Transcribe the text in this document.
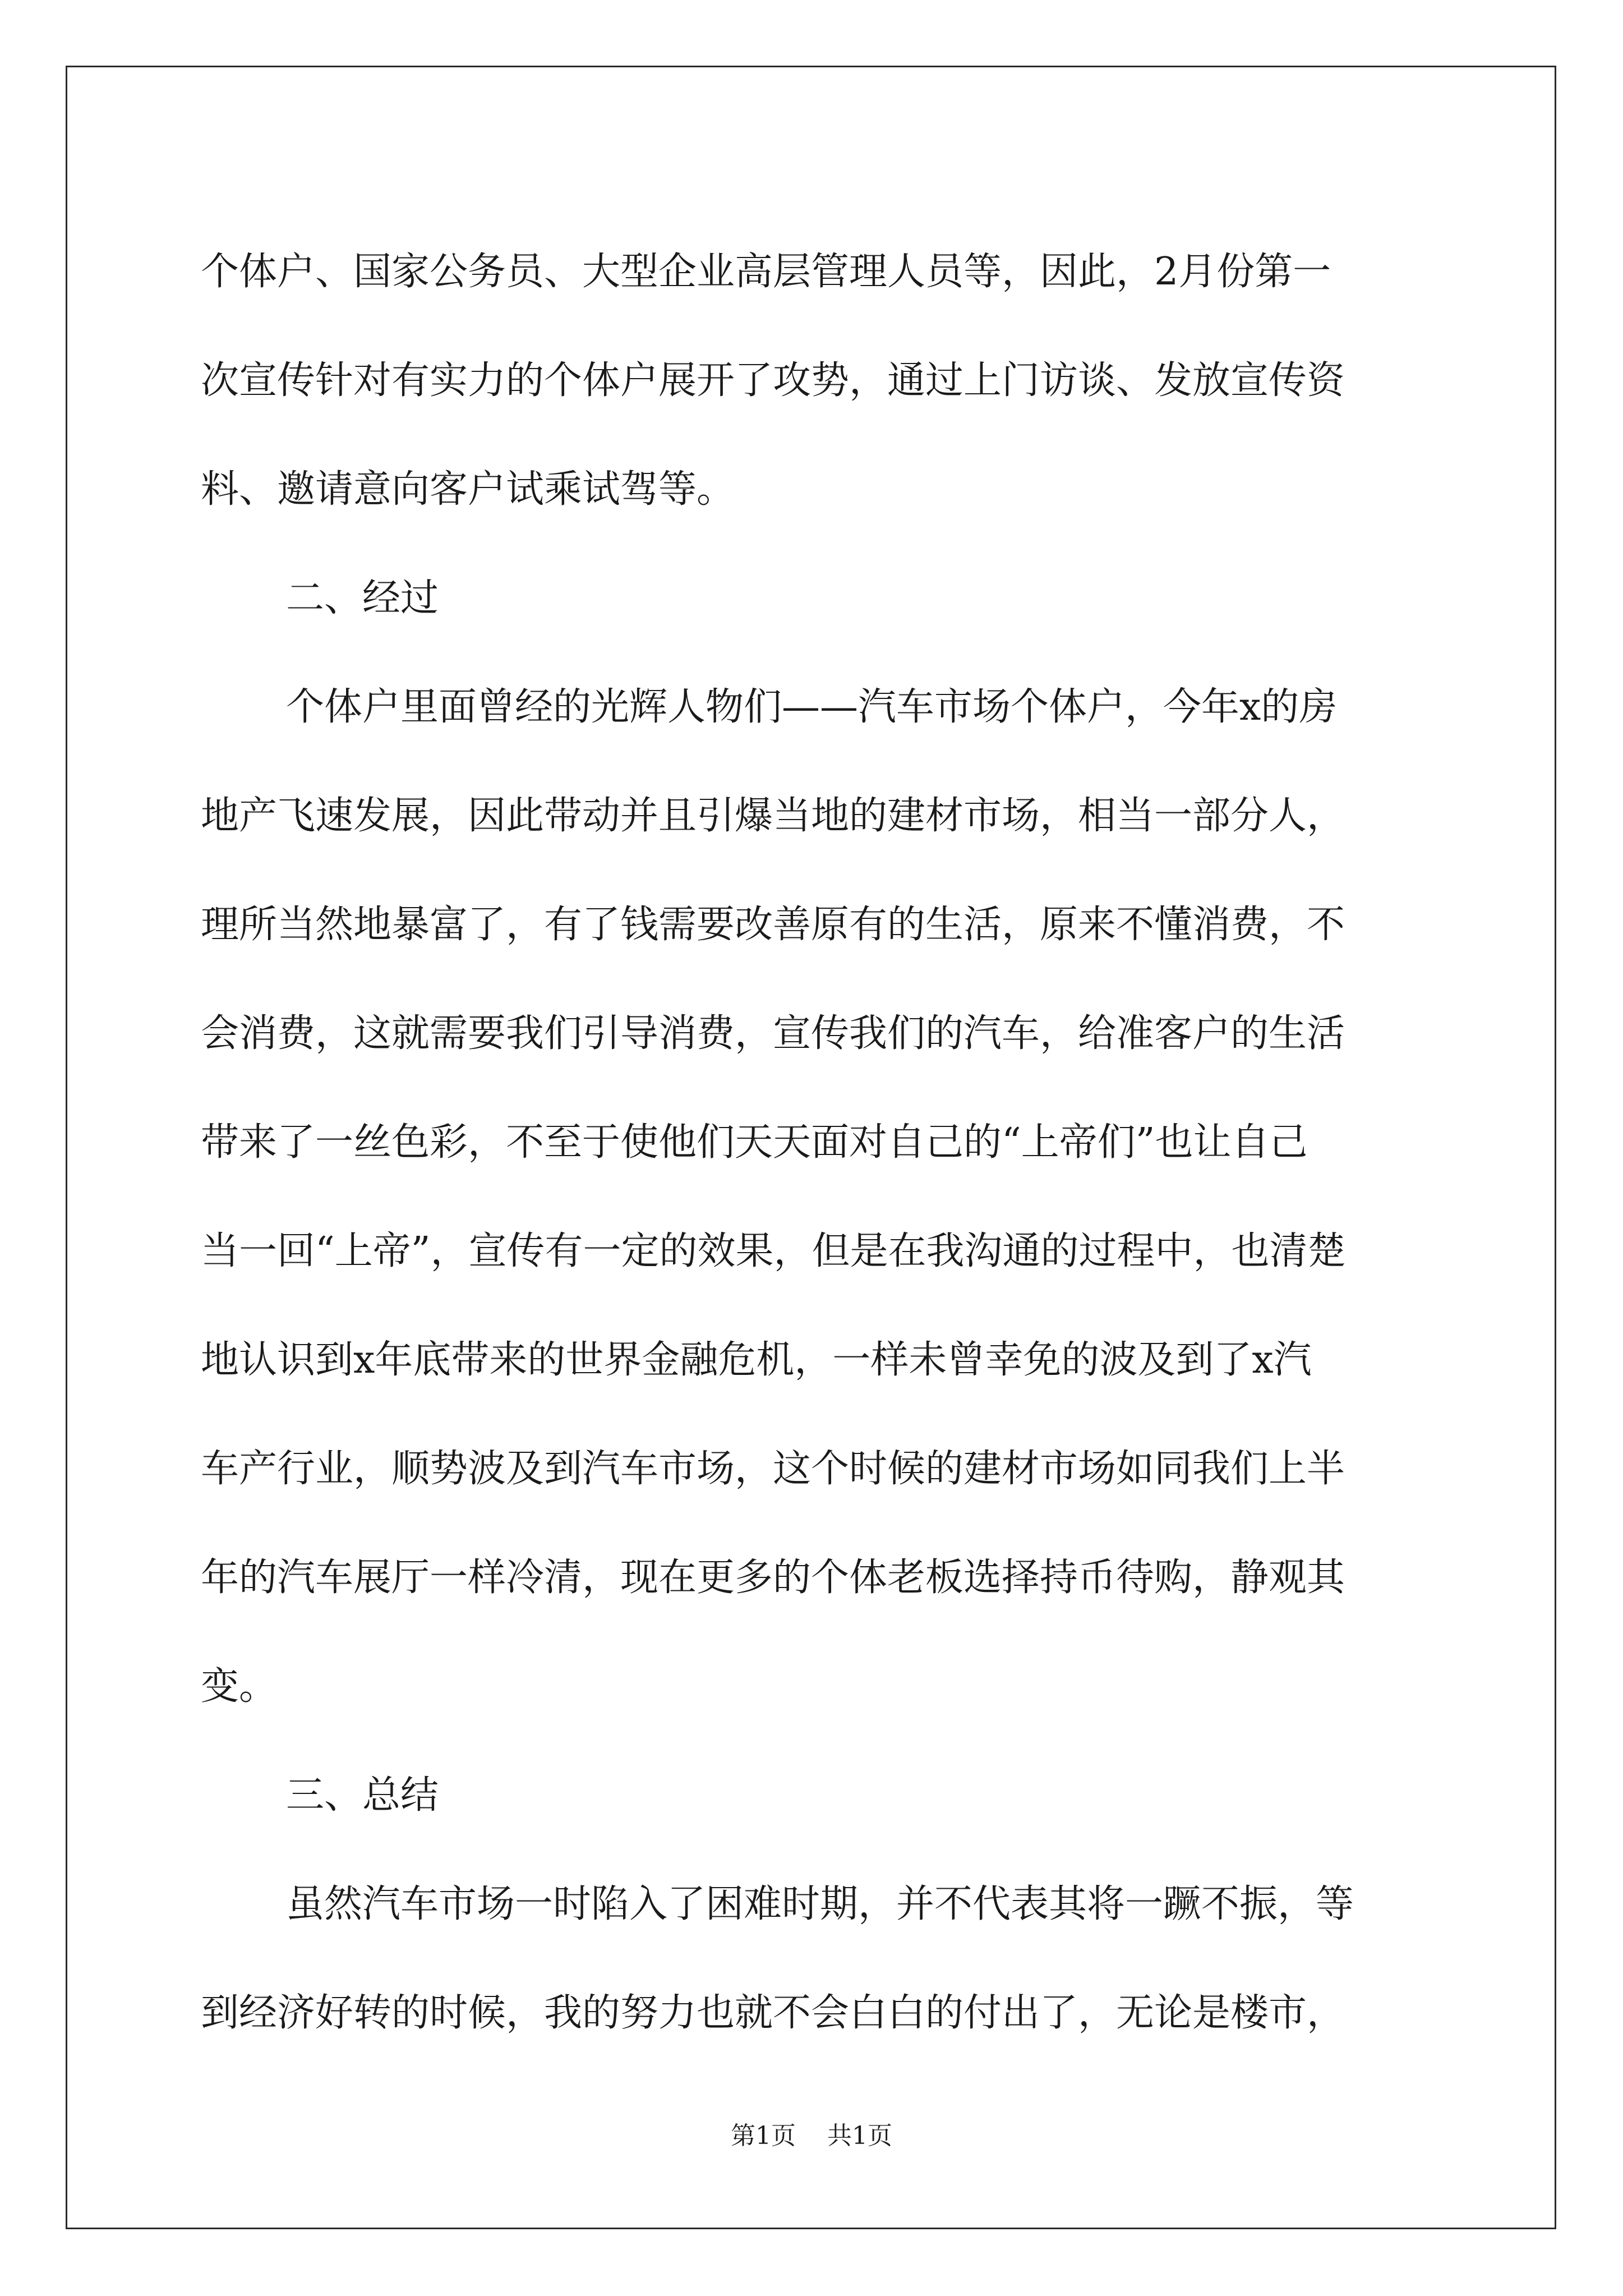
个体户、国家公务员、大型企业高层管理人员等，因此，2月份第一
次宣传针对有实力的个体户展开了攻势，通过上门访谈、发放宣传资
料、邀请意向客户试乘试驾等。
二、经过
个体户里面曾经的光辉人物们——汽车市场个体户，今年x的房
地产飞速发展，因此带动并且引爆当地的建材市场，相当一部分人，
理所当然地暴富了，有了钱需要改善原有的生活，原来不懂消费，不
会消费，这就需要我们引导消费，宣传我们的汽车，给准客户的生活
带来了一丝色彩，不至于使他们天天面对自己的“上帝们”也让自己
当一回“上帝”，宣传有一定的效果，但是在我沟通的过程中，也清楚
地认识到x年底带来的世界金融危机，一样未曾幸免的波及到了x汽
车产行业，顺势波及到汽车市场，这个时候的建材市场如同我们上半
年的汽车展厅一样冷清，现在更多的个体老板选择持币待购，静观其
变。
三、总结
虽然汽车市场一时陷入了困难时期，并不代表其将一蹶不振，等
到经济好转的时候，我的努力也就不会白白的付出了，无论是楼市，
第1页 共1页
